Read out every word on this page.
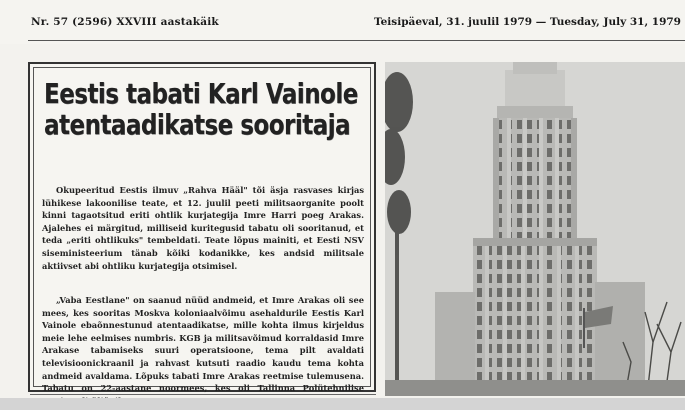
Nr. 57 (2596) XXVIII aastakäik	Teisipäeval, 31. juulil 1979 — Tuesday, July 31, 1979
Eestis tabati Karl Vainole
atentaadikatse sooritaja

Okupeeritud Eestis ilmuv „Rahva Hääl" tõi äsja rasvases kirjas lühikese lakoonilise teate, et 12. juulil peeti militsaorganite poolt kinni tagaotsitud eriti ohtlik kurjategija Imre Harri poeg Arakas. Ajalehes ei märgitud, milliseid kuritegusid tabatu oli sooritanud, et teda „eriti ohtlikuks" tembeldati. Teate lõpus mainiti, et Eesti NSV siseministeerium tänab kõiki kodanikke, kes andsid militsale aktiivset abi ohtliku kurjategija otsimisel.

„Vaba Eestlane" on saanud nüüd andmeid, et Imre Arakas oli see mees, kes sooritas Moskva koloniaalvõimu asehaldurile Eestis Karl Vainole ebaõnnestunud atentaadikatse, mille kohta ilmus kirjeldus meie lehe eelmises numbris. KGB ja militsavõimud korraldasid Imre Arakase tabamiseks suuri operatsioone, tema pilt avaldati televisioonickraanil ja rahvast kutsuti raadio kaudu tema kohta andmeid avaldama. Lõpuks tabati Imre Arakas reetmise tulemusena. Tabatu on 22-aastane noormees, kes oli Tallinna Polütehnilise
